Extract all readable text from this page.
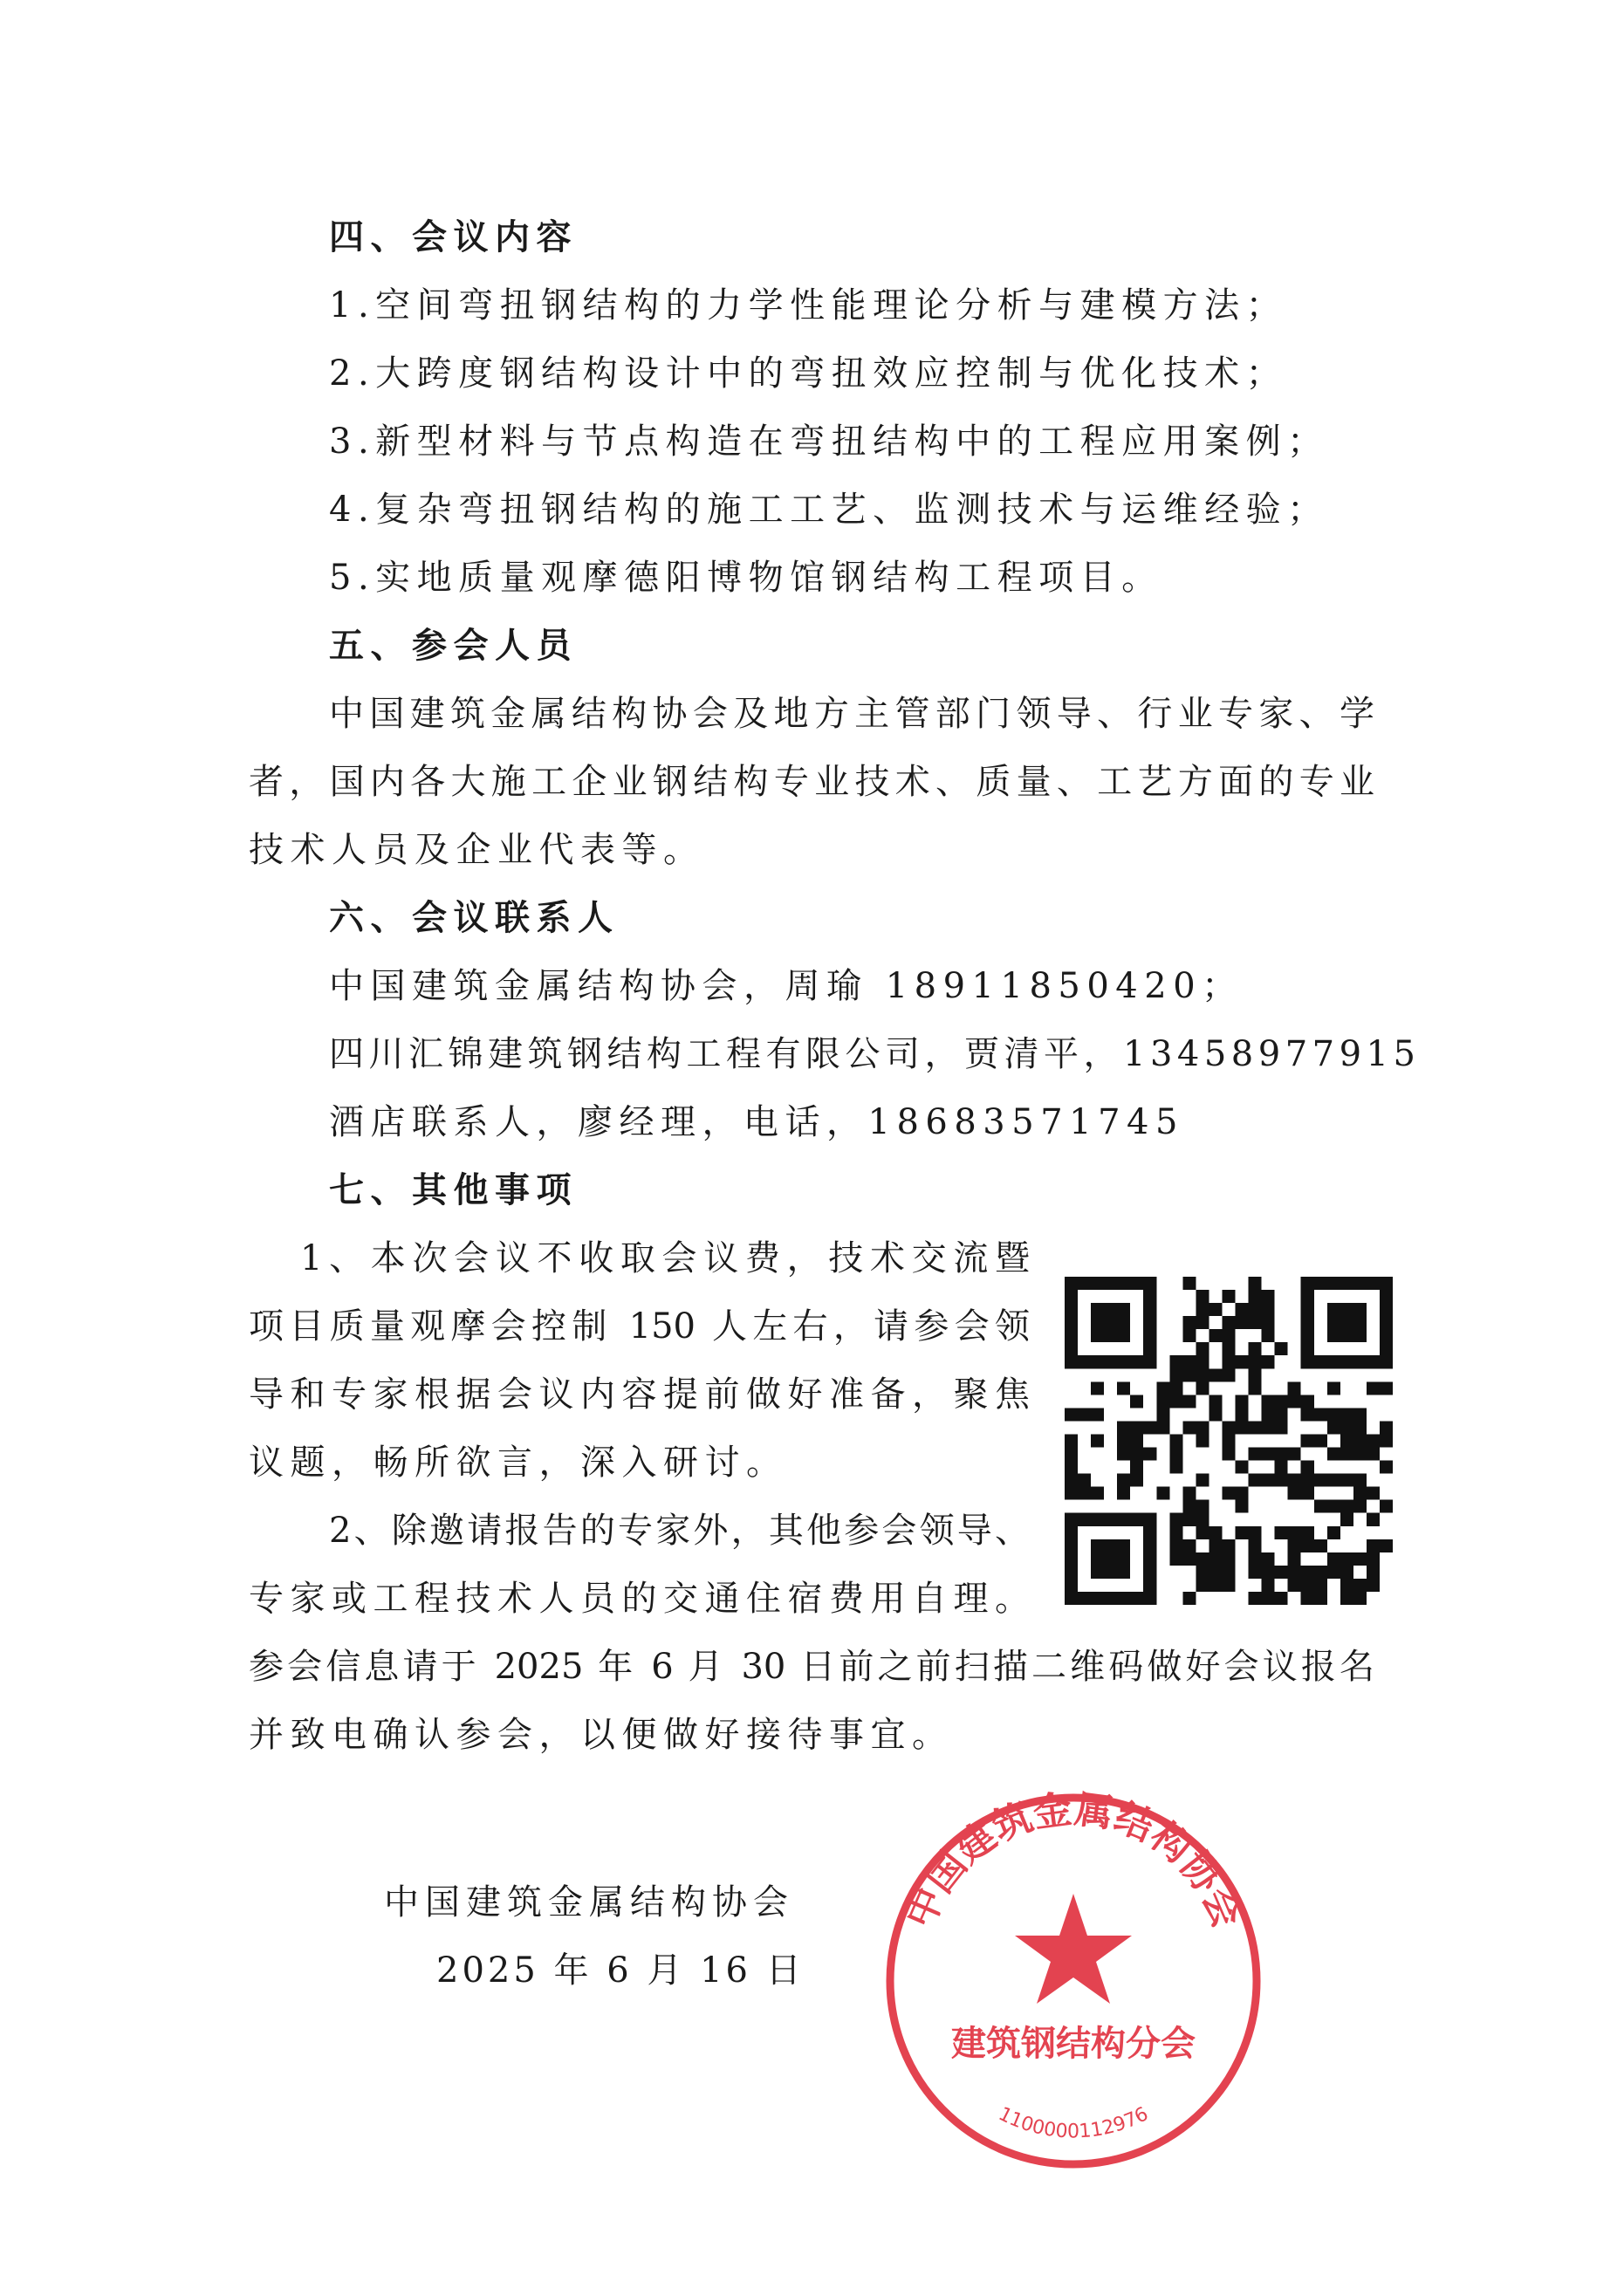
四、会议内容
1.空间弯扭钢结构的力学性能理论分析与建模方法；
2.大跨度钢结构设计中的弯扭效应控制与优化技术；
3.新型材料与节点构造在弯扭结构中的工程应用案例；
4.复杂弯扭钢结构的施工工艺、监测技术与运维经验；
5.实地质量观摩德阳博物馆钢结构工程项目。
五、参会人员
中国建筑金属结构协会及地方主管部门领导、行业专家、学
者，国内各大施工企业钢结构专业技术、质量、工艺方面的专业
技术人员及企业代表等。
六、会议联系人
中国建筑金属结构协会，周瑜 18911850420；
四川汇锦建筑钢结构工程有限公司，贾清平，13458977915
酒店联系人，廖经理，电话，18683571745
七、其他事项
1、本次会议不收取会议费，技术交流暨
项目质量观摩会控制 150 人左右，请参会领
导和专家根据会议内容提前做好准备，聚焦
议题，畅所欲言，深入研讨。
2、除邀请报告的专家外，其他参会领导、
专家或工程技术人员的交通住宿费用自理。
参会信息请于 2025 年 6 月 30 日前之前扫描二维码做好会议报名
并致电确认参会，以便做好接待事宜。
中国建筑金属结构协会
建筑钢结构分会
1100000112976
中国建筑金属结构协会
2025 年 6 月 16 日
